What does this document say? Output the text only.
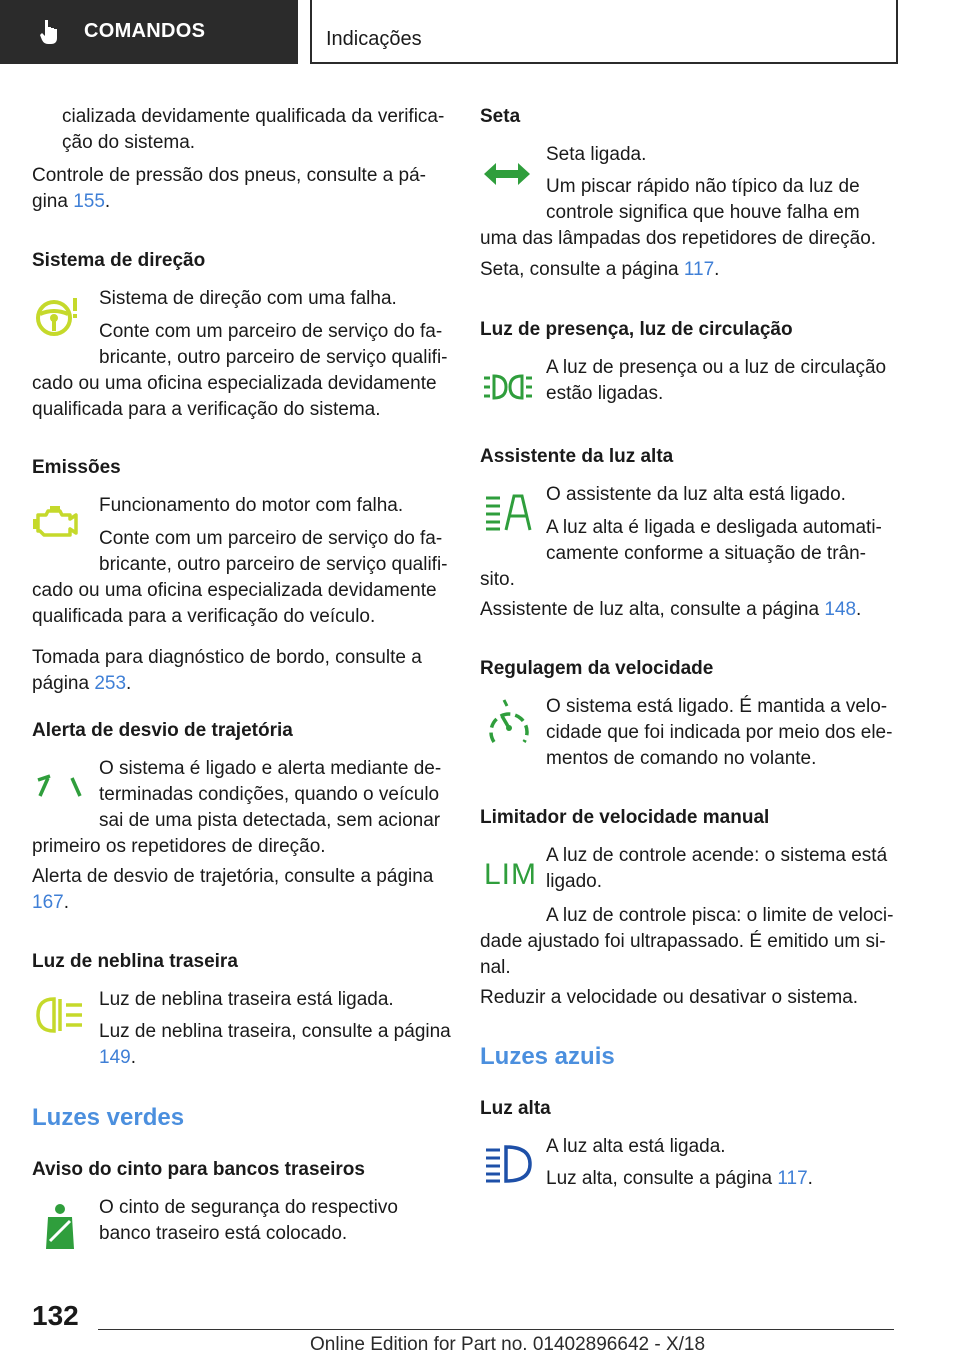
COMANDOS	Indicações
cializada devidamente qualificada da verifica-
ção do sistema.
Controle de pressão dos pneus, consulte a pá-
gina 155.
Sistema de direção
Sistema de direção com uma falha.
Conte com um parceiro de serviço do fa-
bricante, outro parceiro de serviço qualifi-
cado ou uma oficina especializada devidamente
qualificada para a verificação do sistema.
Emissões
Funcionamento do motor com falha.
Conte com um parceiro de serviço do fa-
bricante, outro parceiro de serviço qualifi-
cado ou uma oficina especializada devidamente
qualificada para a verificação do veículo.
Tomada para diagnóstico de bordo, consulte a
página 253.
Alerta de desvio de trajetória
O sistema é ligado e alerta mediante de-
terminadas condições, quando o veículo
sai de uma pista detectada, sem acionar
primeiro os repetidores de direção.
Alerta de desvio de trajetória, consulte a página
167.
Luz de neblina traseira
Luz de neblina traseira está ligada.
Luz de neblina traseira, consulte a página
149.
Luzes verdes
Aviso do cinto para bancos traseiros
O cinto de segurança do respectivo
banco traseiro está colocado.
Seta
Seta ligada.
Um piscar rápido não típico da luz de
controle significa que houve falha em
uma das lâmpadas dos repetidores de direção.
Seta, consulte a página 117.
Luz de presença, luz de circulação
A luz de presença ou a luz de circulação
estão ligadas.
Assistente da luz alta
O assistente da luz alta está ligado.
A luz alta é ligada e desligada automati-
camente conforme a situação de trân-
sito.
Assistente de luz alta, consulte a página 148.
Regulagem da velocidade
O sistema está ligado. É mantida a velo-
cidade que foi indicada por meio dos ele-
mentos de comando no volante.
Limitador de velocidade manual
LIM
A luz de controle acende: o sistema está
ligado.
A luz de controle pisca: o limite de veloci-
dade ajustado foi ultrapassado. É emitido um si-
nal.
Reduzir a velocidade ou desativar o sistema.
Luzes azuis
Luz alta
A luz alta está ligada.
Luz alta, consulte a página 117.
132
Online Edition for Part no. 01402896642 - X/18
